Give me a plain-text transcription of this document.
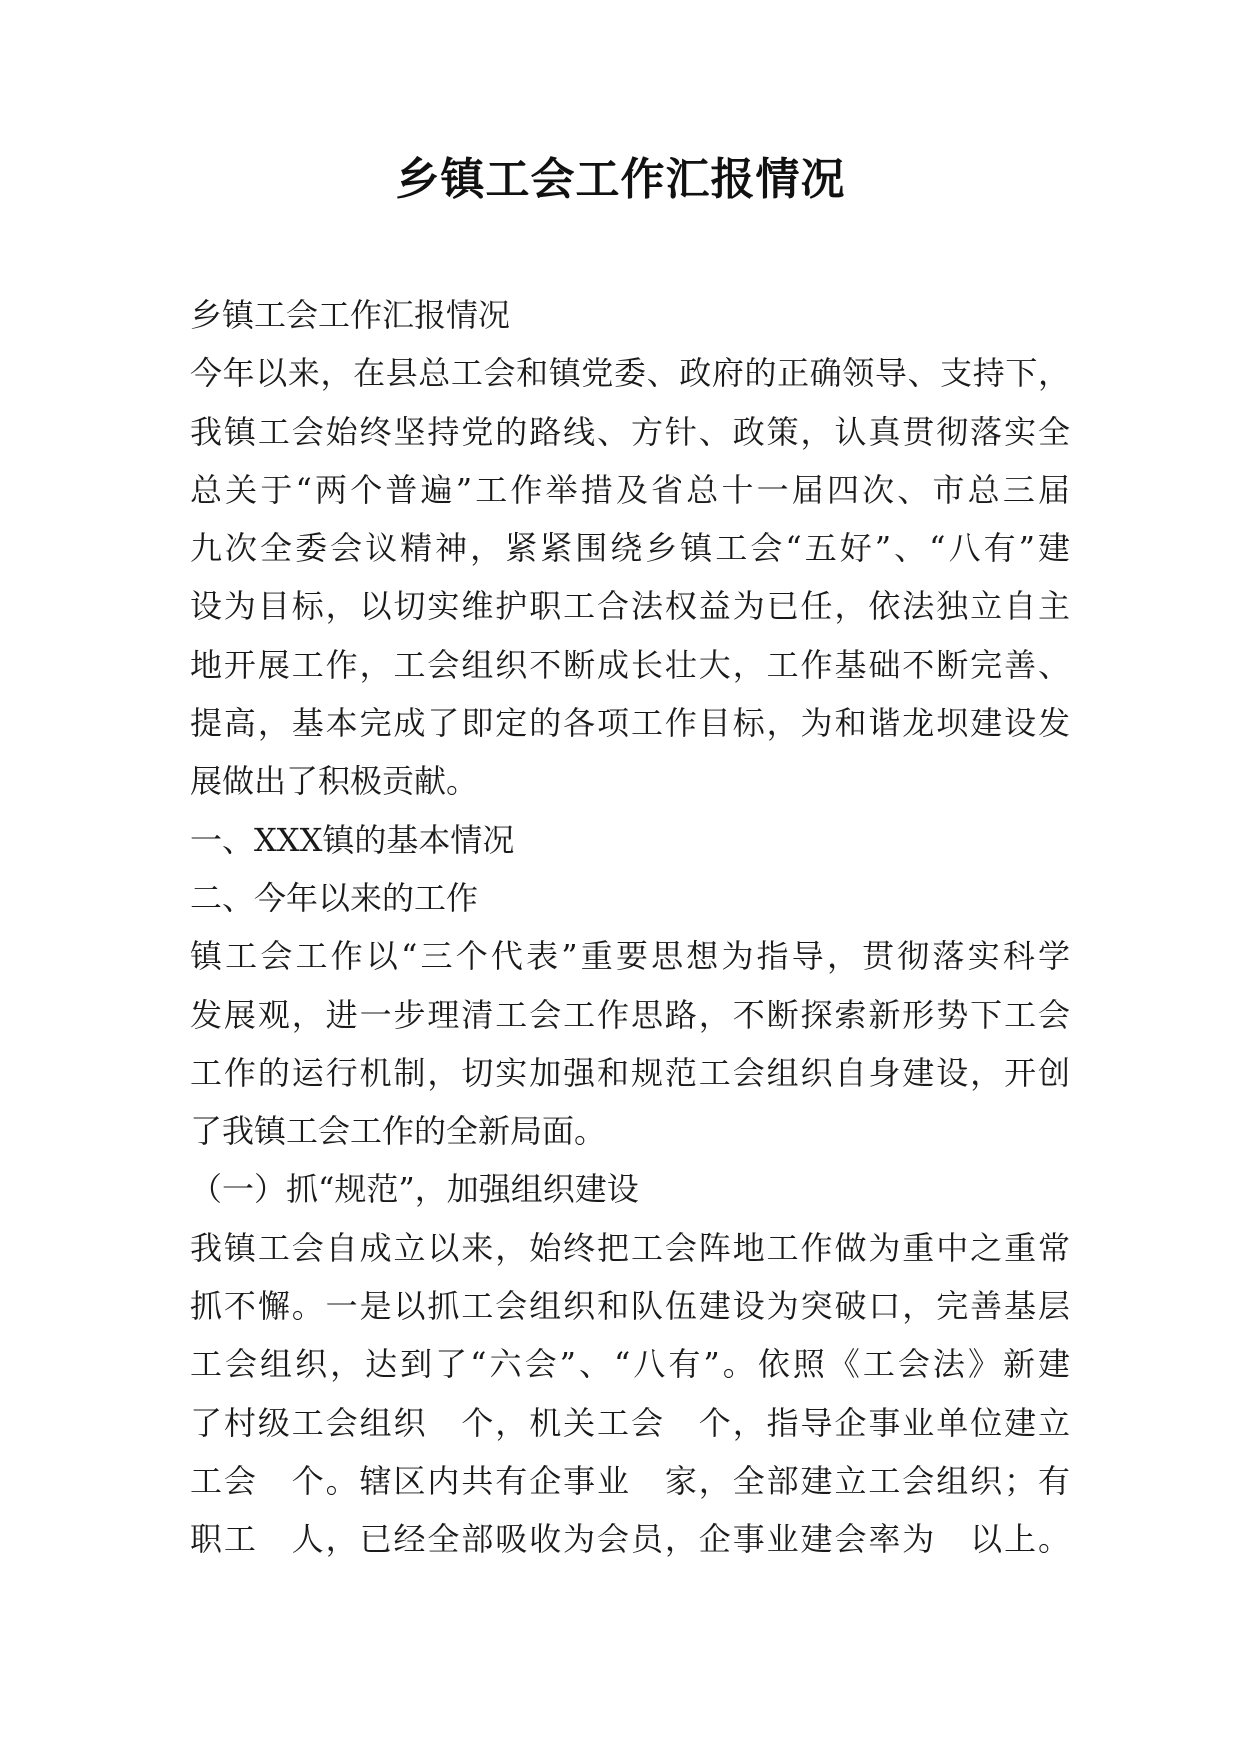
乡镇工会工作汇报情况
乡镇工会工作汇报情况
今年以来，在县总工会和镇党委、政府的正确领导、支持下，
我镇工会始终坚持党的路线、方针、政策，认真贯彻落实全
总关于“两个普遍”工作举措及省总十一届四次、市总三届
九次全委会议精神，紧紧围绕乡镇工会“五好”、“八有”建
设为目标，以切实维护职工合法权益为已任，依法独立自主
地开展工作，工会组织不断成长壮大，工作基础不断完善、
提高，基本完成了即定的各项工作目标，为和谐龙坝建设发
展做出了积极贡献。
一、XXX镇的基本情况
二、今年以来的工作
镇工会工作以“三个代表”重要思想为指导，贯彻落实科学
发展观，进一步理清工会工作思路，不断探索新形势下工会
工作的运行机制，切实加强和规范工会组织自身建设，开创
了我镇工会工作的全新局面。
（一）抓“规范”，加强组织建设
我镇工会自成立以来，始终把工会阵地工作做为重中之重常
抓不懈。一是以抓工会组织和队伍建设为突破口，完善基层
工会组织，达到了“六会”、“八有”。依照《工会法》新建
了村级工会组织　个，机关工会　个，指导企事业单位建立
工会　个。辖区内共有企事业　家，全部建立工会组织；有
职工　人，已经全部吸收为会员，企事业建会率为　以上。
